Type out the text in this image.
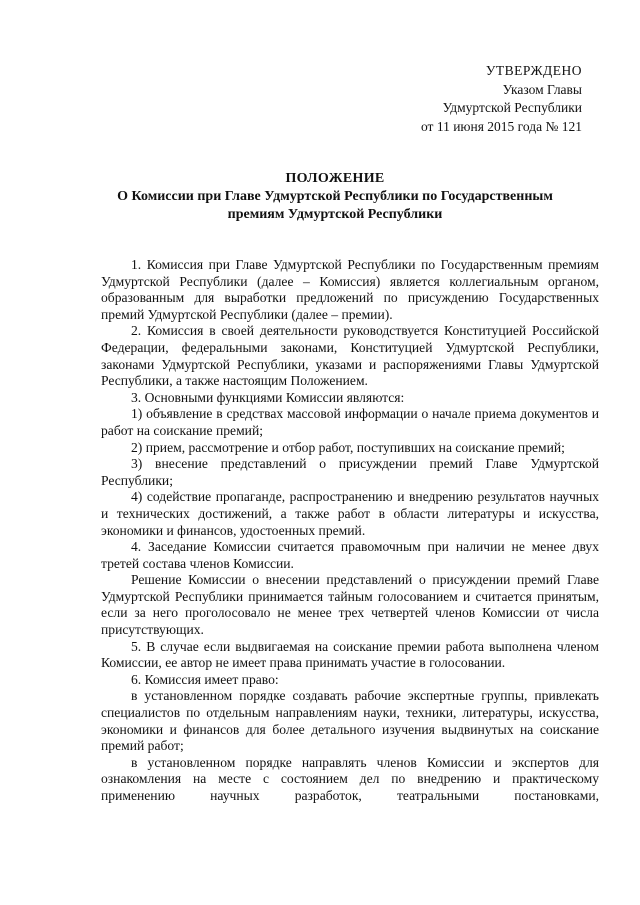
УТВЕРЖДЕНО
Указом Главы
Удмуртской Республики
от 11 июня 2015 года № 121
ПОЛОЖЕНИЕ
О Комиссии при Главе Удмуртской Республики по Государственным
премиям Удмуртской Республики

1. Комиссия при Главе Удмуртской Республики по Государственным премиям Удмуртской Республики (далее – Комиссия) является коллегиальным органом, образованным для выработки предложений по присуждению Государственных премий Удмуртской Республики (далее – премии).

2. Комиссия в своей деятельности руководствуется Конституцией Российской Федерации, федеральными законами, Конституцией Удмуртской Республики, законами Удмуртской Республики, указами и распоряжениями Главы Удмуртской Республики, а также настоящим Положением.

3. Основными функциями Комиссии являются:

1) объявление в средствах массовой информации о начале приема документов и работ на соискание премий;

2) прием, рассмотрение и отбор работ, поступивших на соискание премий;

3) внесение представлений о присуждении премий Главе Удмуртской Республики;

4) содействие пропаганде, распространению и внедрению результатов научных и технических достижений, а также работ в области литературы и искусства, экономики и финансов, удостоенных премий.

4. Заседание Комиссии считается правомочным при наличии не менее двух третей состава членов Комиссии.

Решение Комиссии о внесении представлений о присуждении премий Главе Удмуртской Республики принимается тайным голосованием и считается принятым, если за него проголосовало не менее трех четвертей членов Комиссии от числа присутствующих.

5. В случае если выдвигаемая на соискание премии работа выполнена членом Комиссии, ее автор не имеет права принимать участие в голосовании.

6. Комиссия имеет право:

в установленном порядке создавать рабочие экспертные группы, привлекать специалистов по отдельным направлениям науки, техники, литературы, искусства, экономики и финансов для более детального изучения выдвинутых на соискание премий работ;

в установленном порядке направлять членов Комиссии и экспертов для ознакомления на месте с состоянием дел по внедрению и практическому применению научных разработок, театральными постановками,
